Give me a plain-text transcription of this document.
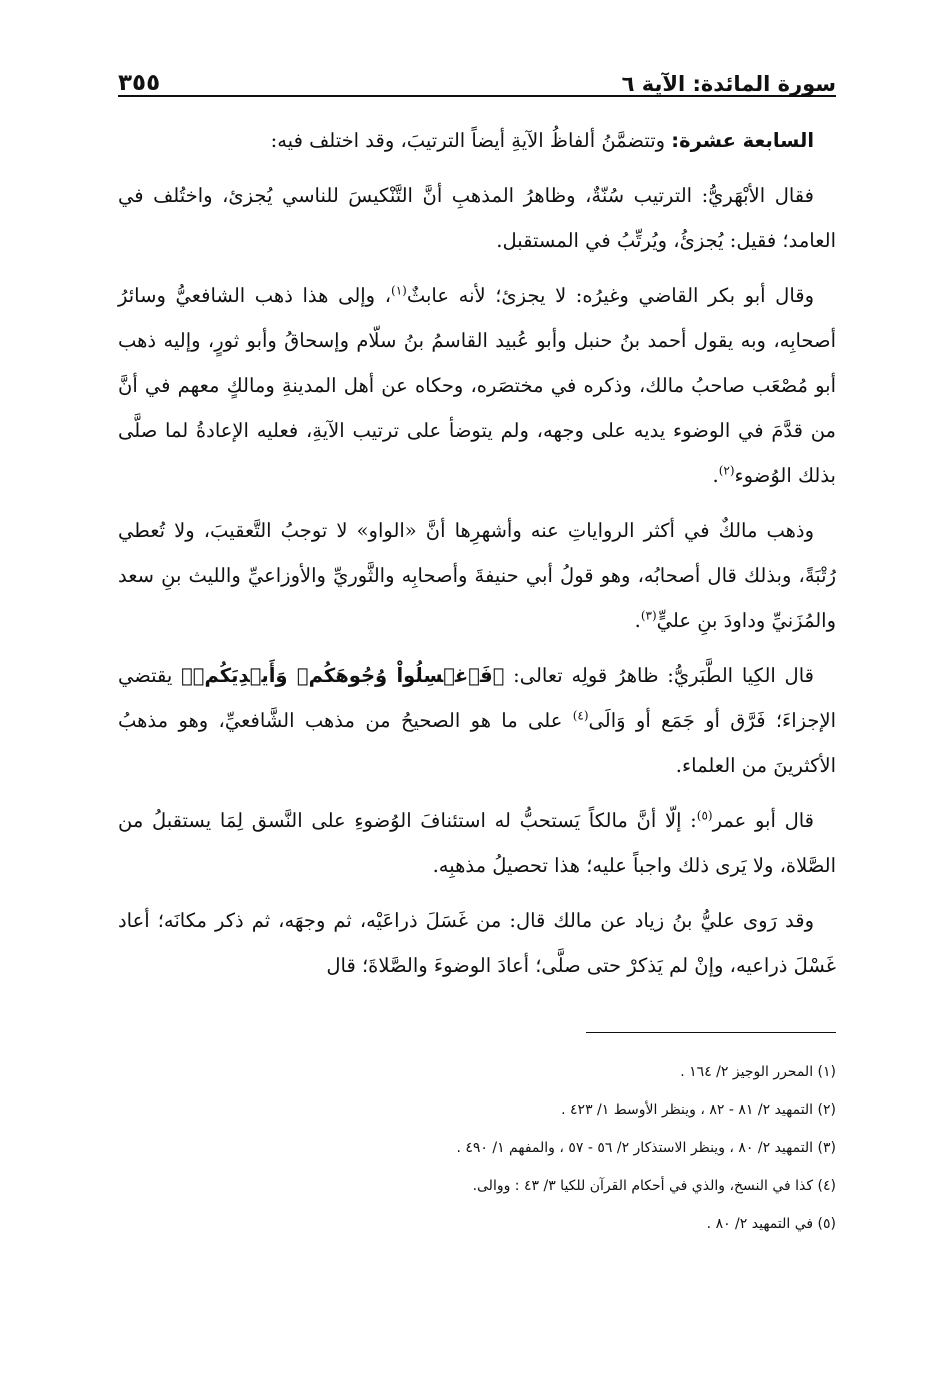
سورة المائدة: الآية ٦
٣٥٥

السابعة عشرة: وتتضمَّنُ ألفاظُ الآيةِ أيضاً الترتيبَ، وقد اختلف فيه:

فقال الأبْهَريُّ: الترتيب سُنّةٌ، وظاهرُ المذهبِ أنَّ التَّنْكيسَ للناسي يُجزئ، واختُلف في العامد؛ فقيل: يُجزئُ، ويُرتِّبُ في المستقبل.

وقال أبو بكر القاضي وغيرُه: لا يجزئ؛ لأنه عابثٌ$^{(١)}$، وإلى هذا ذهب الشافعيُّ وسائرُ أصحابِه، وبه يقول أحمد بنُ حنبل وأبو عُبيد القاسمُ بنُ سلّام وإسحاقُ وأبو ثورٍ، وإليه ذهب أبو مُصْعَب صاحبُ مالك، وذكره في مختصَره، وحكاه عن أهل المدينةِ ومالكٍ معهم في أنَّ من قدَّمَ في الوضوء يديه على وجهه، ولم يتوضأ على ترتيب الآيةِ، فعليه الإعادةُ لما صلَّى بذلك الوُضوء$^{(٢)}$.

وذهب مالكٌ في أكثر الرواياتِ عنه وأشهرِها أنَّ «الواو» لا توجبُ التَّعقيبَ، ولا تُعطي رُتْبَةً، وبذلك قال أصحابُه، وهو قولُ أبي حنيفةَ وأصحابِه والثَّوريِّ والأوزاعيِّ والليث بنِ سعد والمُزَنيِّ وداودَ بنِ عليٍّ$^{(٣)}$.

قال الكِيا الطَّبَريُّ: ظاهرُ قولِه تعالى: ﴿فَٱغۡسِلُواْ وُجُوهَكُمۡ وَأَيۡدِيَكُمۡ﴾ يقتضي الإجزاءَ؛ فَرَّق أو جَمَع أو وَالَى$^{(٤)}$ على ما هو الصحيحُ من مذهب الشَّافعيِّ، وهو مذهبُ الأكثرينَ من العلماء.

قال أبو عمر$^{(٥)}$: إلّا أنَّ مالكاً يَستحبُّ له استئنافَ الوُضوءِ على النَّسق لِمَا يستقبلُ من الصَّلاة، ولا يَرى ذلك واجباً عليه؛ هذا تحصيلُ مذهبِه.

وقد رَوى عليُّ بنُ زياد عن مالك قال: من غَسَلَ ذراعَيْه، ثم وجهَه، ثم ذكر مكانَه؛ أعاد غَسْلَ ذراعيه، وإنْ لم يَذكرْ حتى صلَّى؛ أعادَ الوضوءَ والصَّلاةَ؛ قال

(١) المحرر الوجيز ٢/ ١٦٤ .

(٢) التمهيد ٢/ ٨١ - ٨٢ ، وينظر الأوسط ١/ ٤٢٣ .

(٣) التمهيد ٢/ ٨٠ ، وينظر الاستذكار ٢/ ٥٦ - ٥٧ ، والمفهم ١/ ٤٩٠ .

(٤) كذا في النسخ، والذي في أحكام القرآن للكيا ٣/ ٤٣ : ووالى.

(٥) في التمهيد ٢/ ٨٠ .
